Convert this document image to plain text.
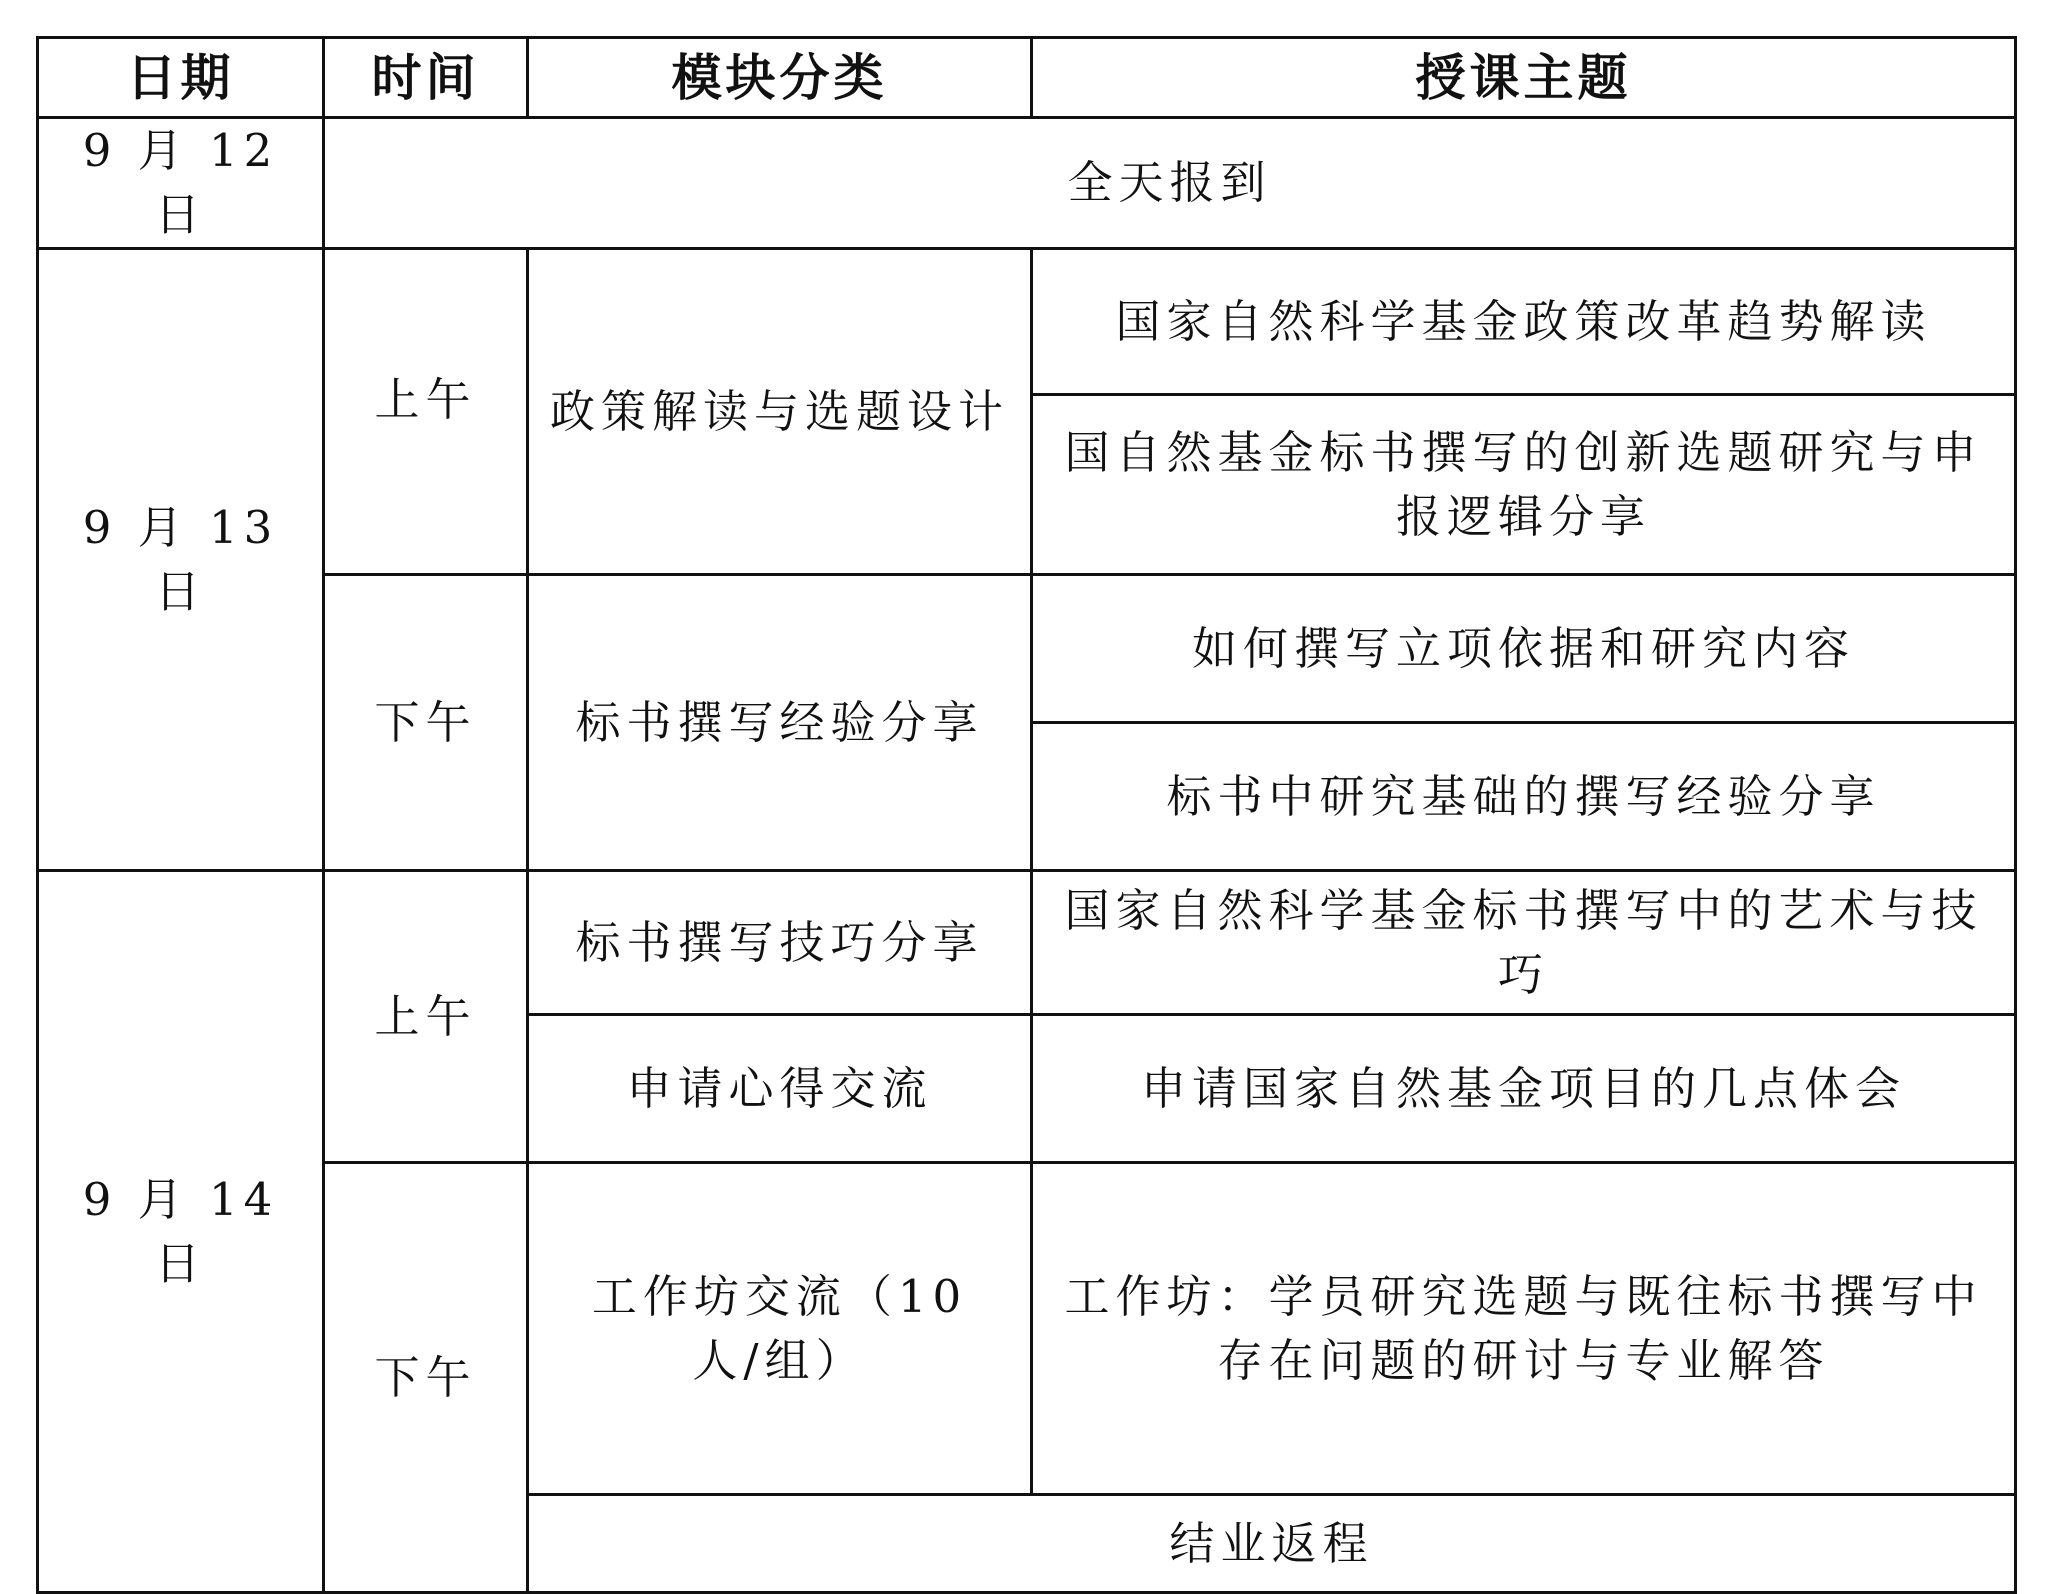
日期	时间	模块分类	授课主题
9 月 12 日	全天报到		
9 月 13 日	上午	政策解读与选题设计	国家自然科学基金政策改革趋势解读
			国自然基金标书撰写的创新选题研究与申报逻辑分享
	下午	标书撰写经验分享	如何撰写立项依据和研究内容
			标书中研究基础的撰写经验分享
9 月 14 日	上午	标书撰写技巧分享	国家自然科学基金标书撰写中的艺术与技巧
		申请心得交流	申请国家自然基金项目的几点体会
	下午	工作坊交流（10 人/组）	工作坊：学员研究选题与既往标书撰写中存在问题的研讨与专业解答
		结业返程	
